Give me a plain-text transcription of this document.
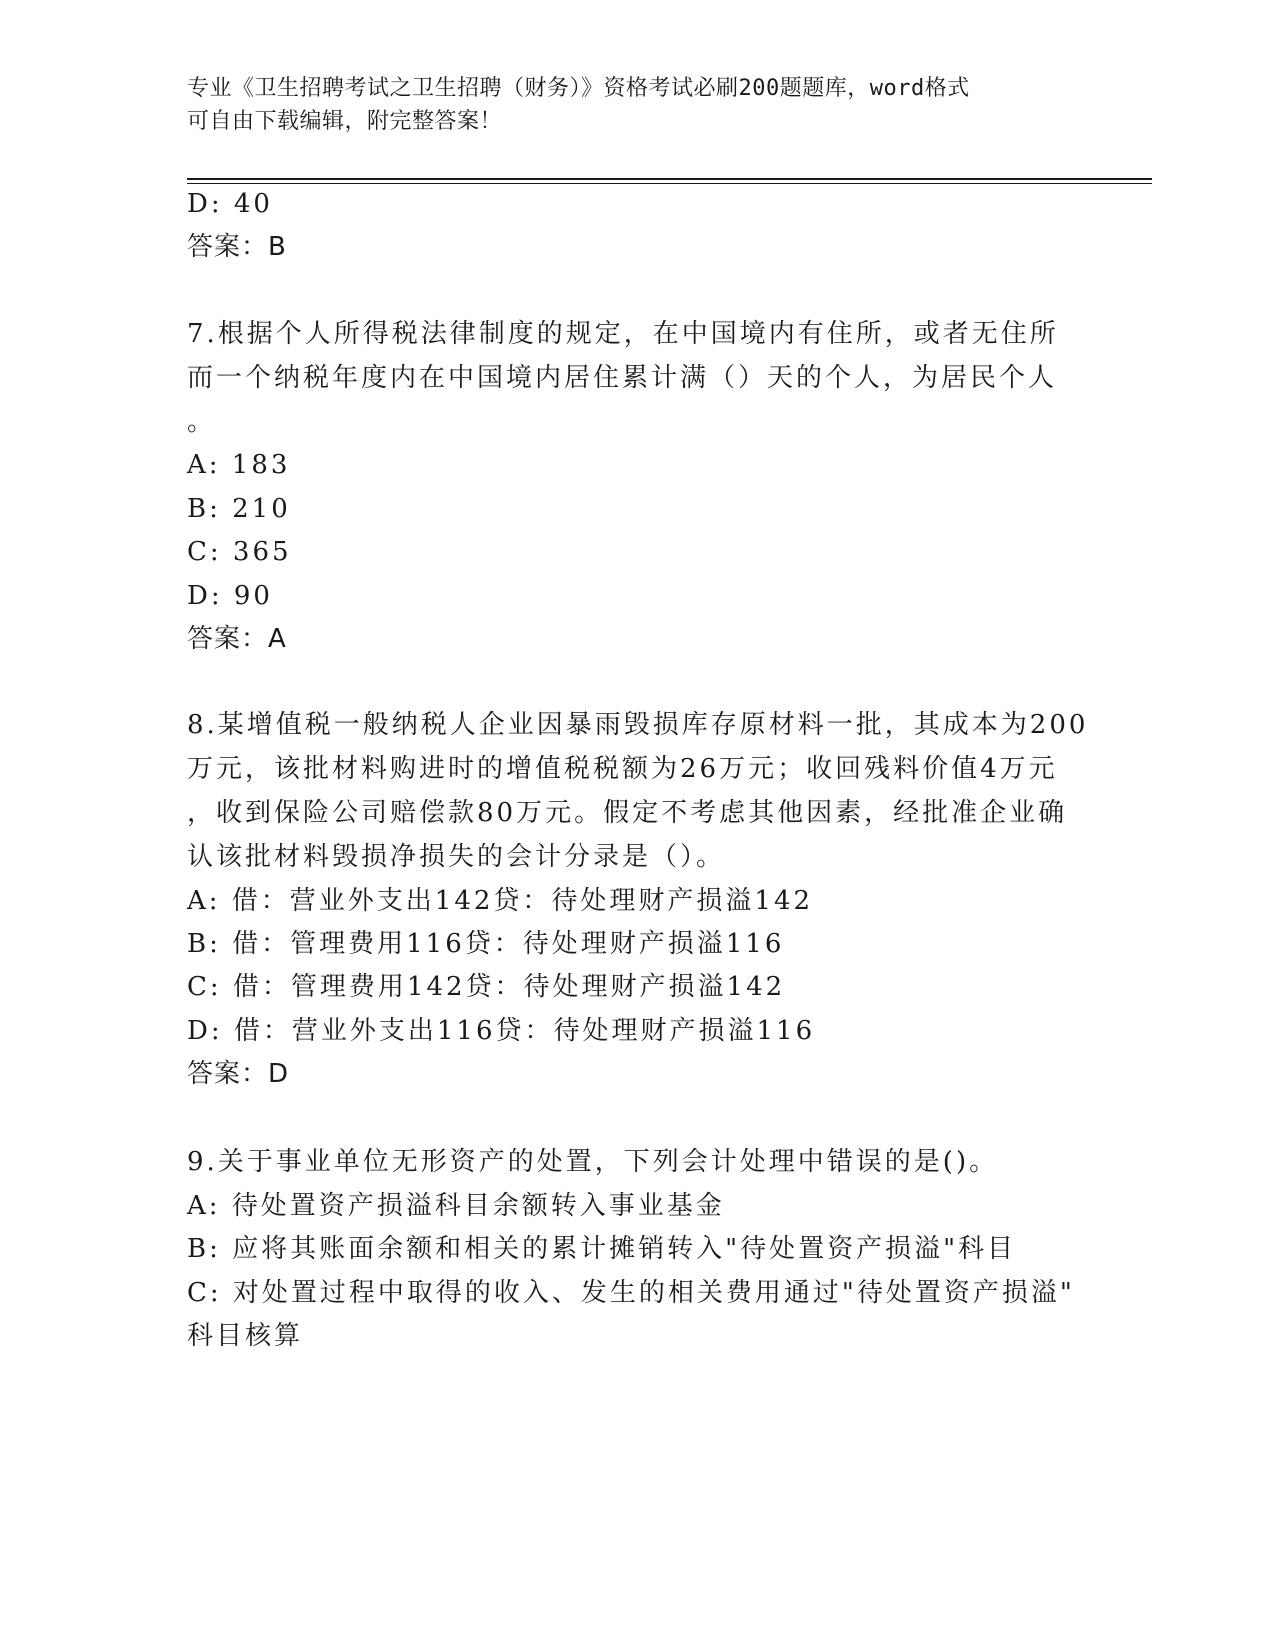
专业《卫生招聘考试之卫生招聘（财务）》资格考试必刷200题题库，word格式
可自由下载编辑，附完整答案！
D: 40
答案：B
7.根据个人所得税法律制度的规定，在中国境内有住所，或者无住所
而一个纳税年度内在中国境内居住累计满（）天的个人，为居民个人
。
A: 183
B: 210
C: 365
D: 90
答案：A
8.某增值税一般纳税人企业因暴雨毁损库存原材料一批，其成本为200
万元，该批材料购进时的增值税税额为26万元；收回残料价值4万元
，收到保险公司赔偿款80万元。假定不考虑其他因素，经批准企业确
认该批材料毁损净损失的会计分录是（）。
A: 借：营业外支出142贷：待处理财产损溢142
B: 借：管理费用116贷：待处理财产损溢116
C: 借：管理费用142贷：待处理财产损溢142
D: 借：营业外支出116贷：待处理财产损溢116
答案：D
9.关于事业单位无形资产的处置，下列会计处理中错误的是()。
A: 待处置资产损溢科目余额转入事业基金
B: 应将其账面余额和相关的累计摊销转入"待处置资产损溢"科目
C: 对处置过程中取得的收入、发生的相关费用通过"待处置资产损溢"
科目核算
